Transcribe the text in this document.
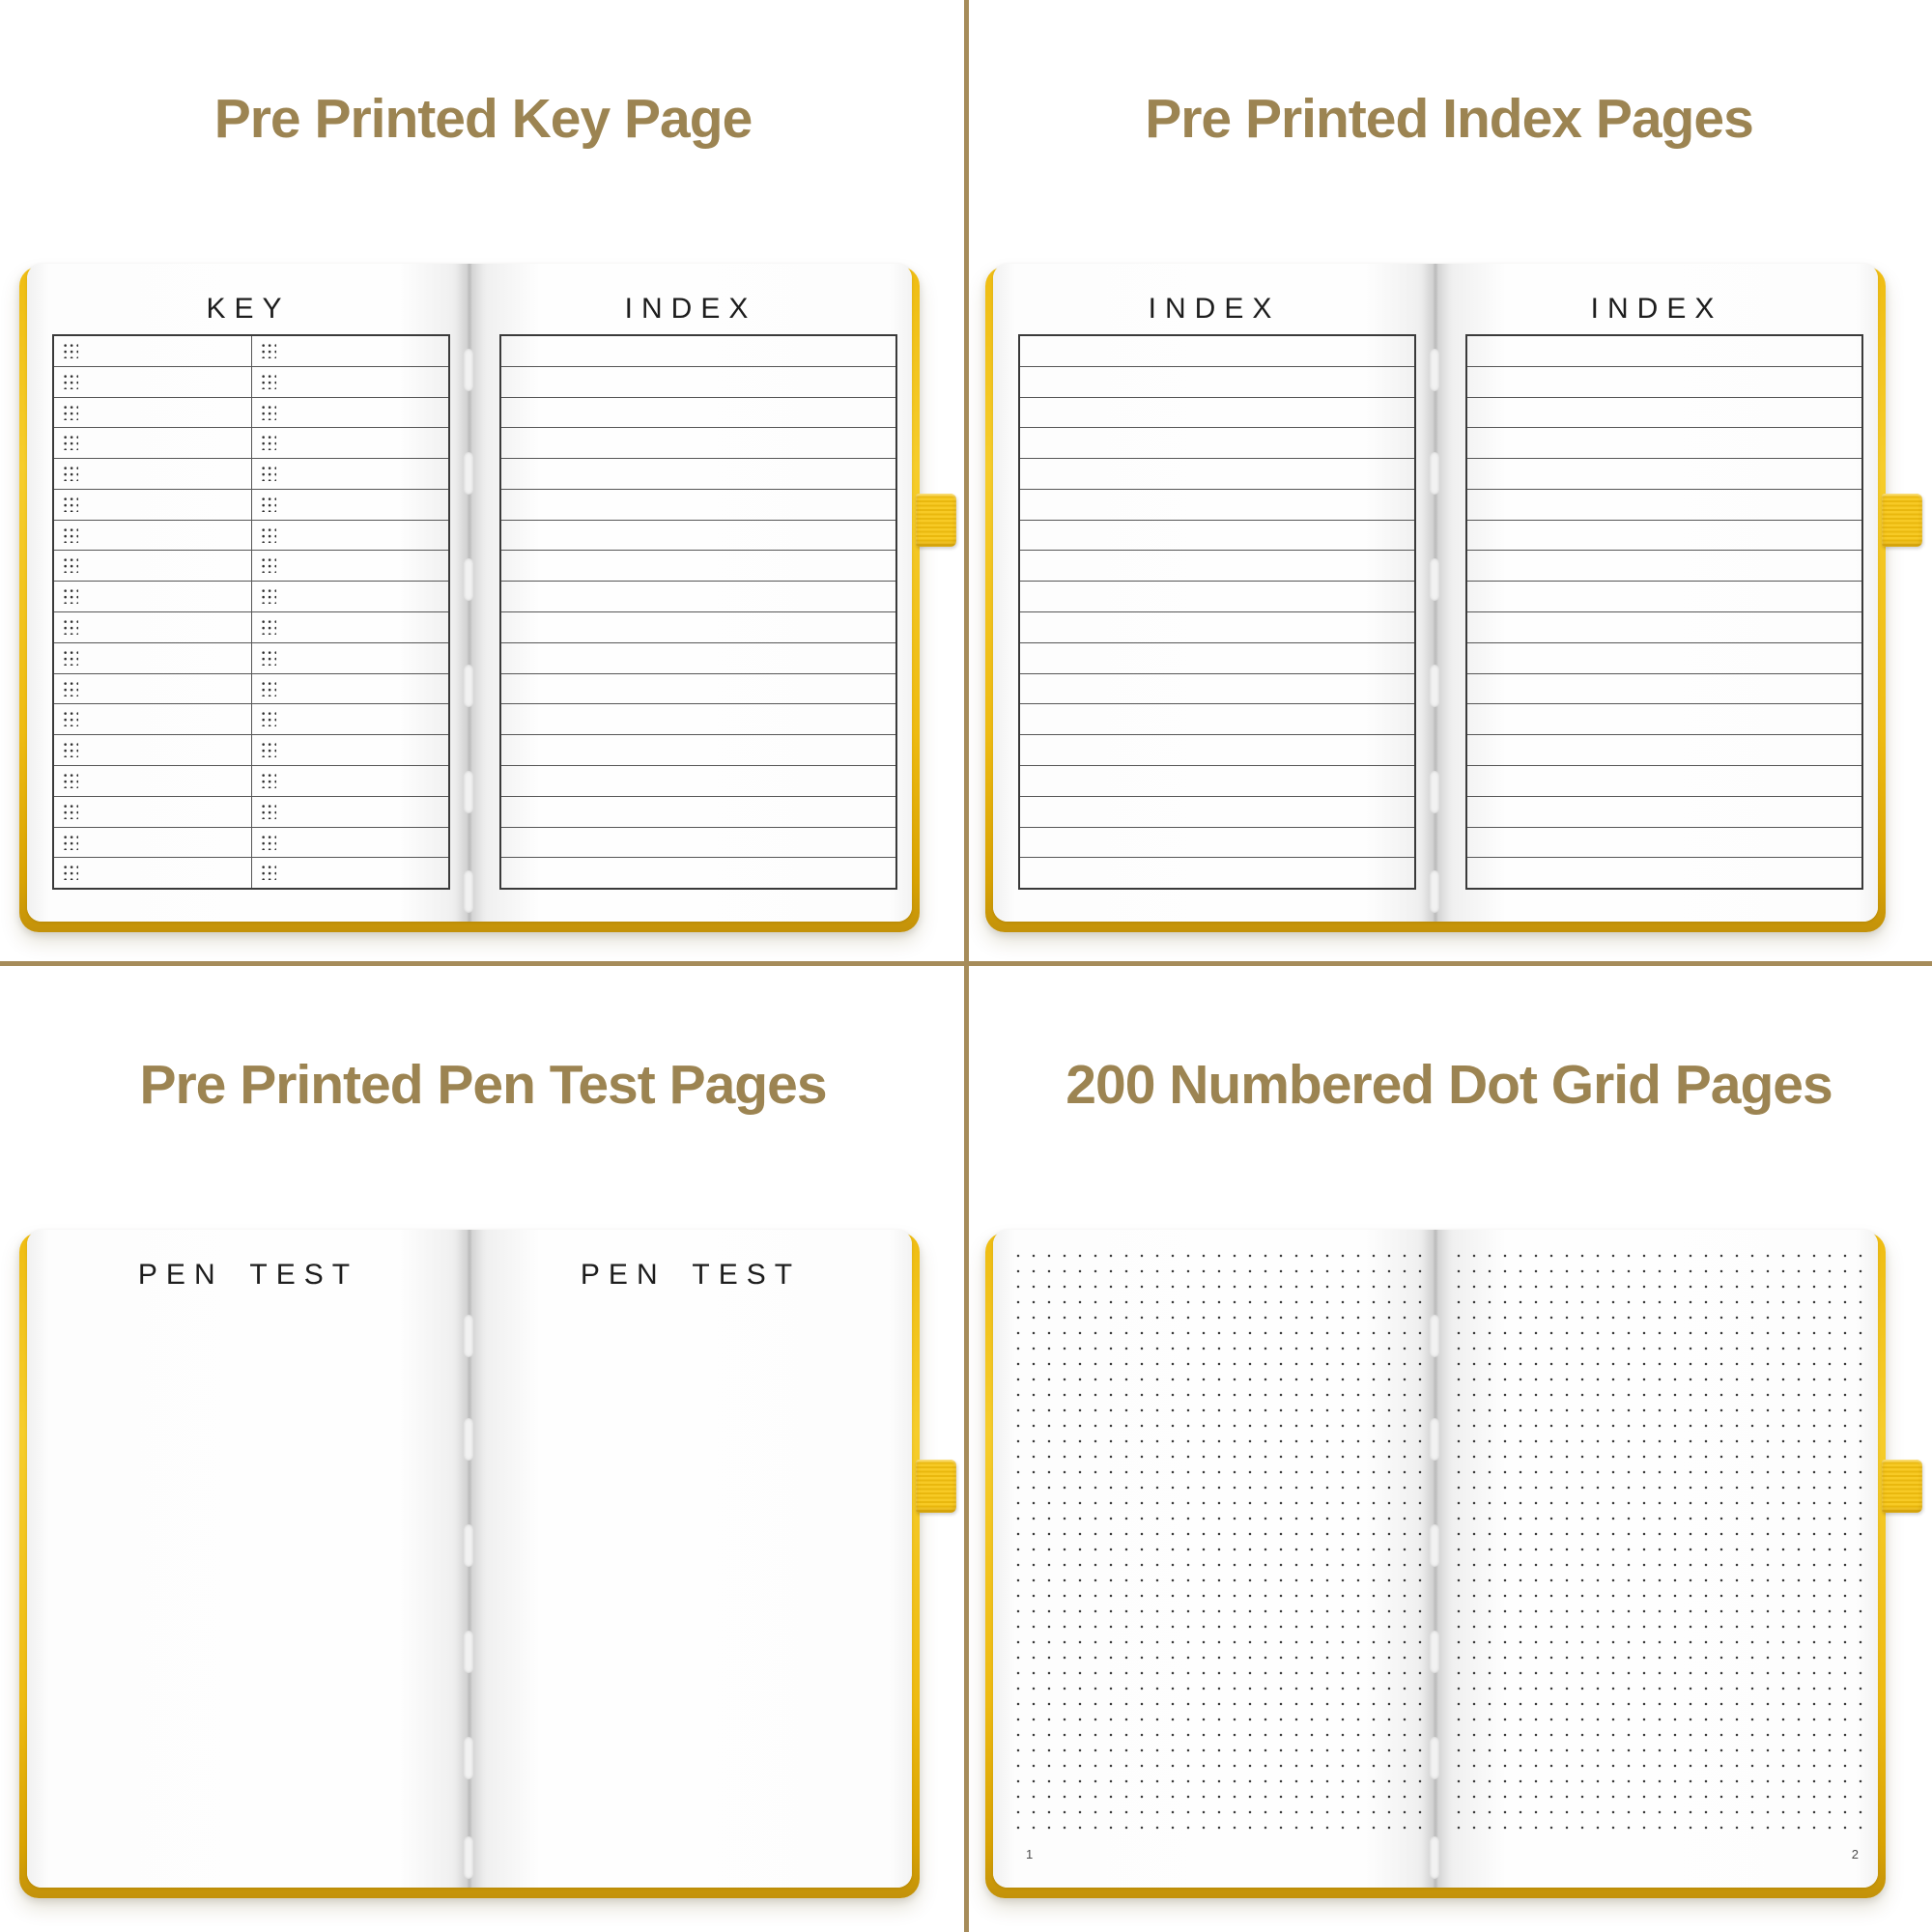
Pre Printed Key Page
KEY	INDEX
Pre Printed Index Pages
INDEX	INDEX
Pre Printed Pen Test Pages
PEN TEST	PEN TEST
200 Numbered Dot Grid Pages
1	2
